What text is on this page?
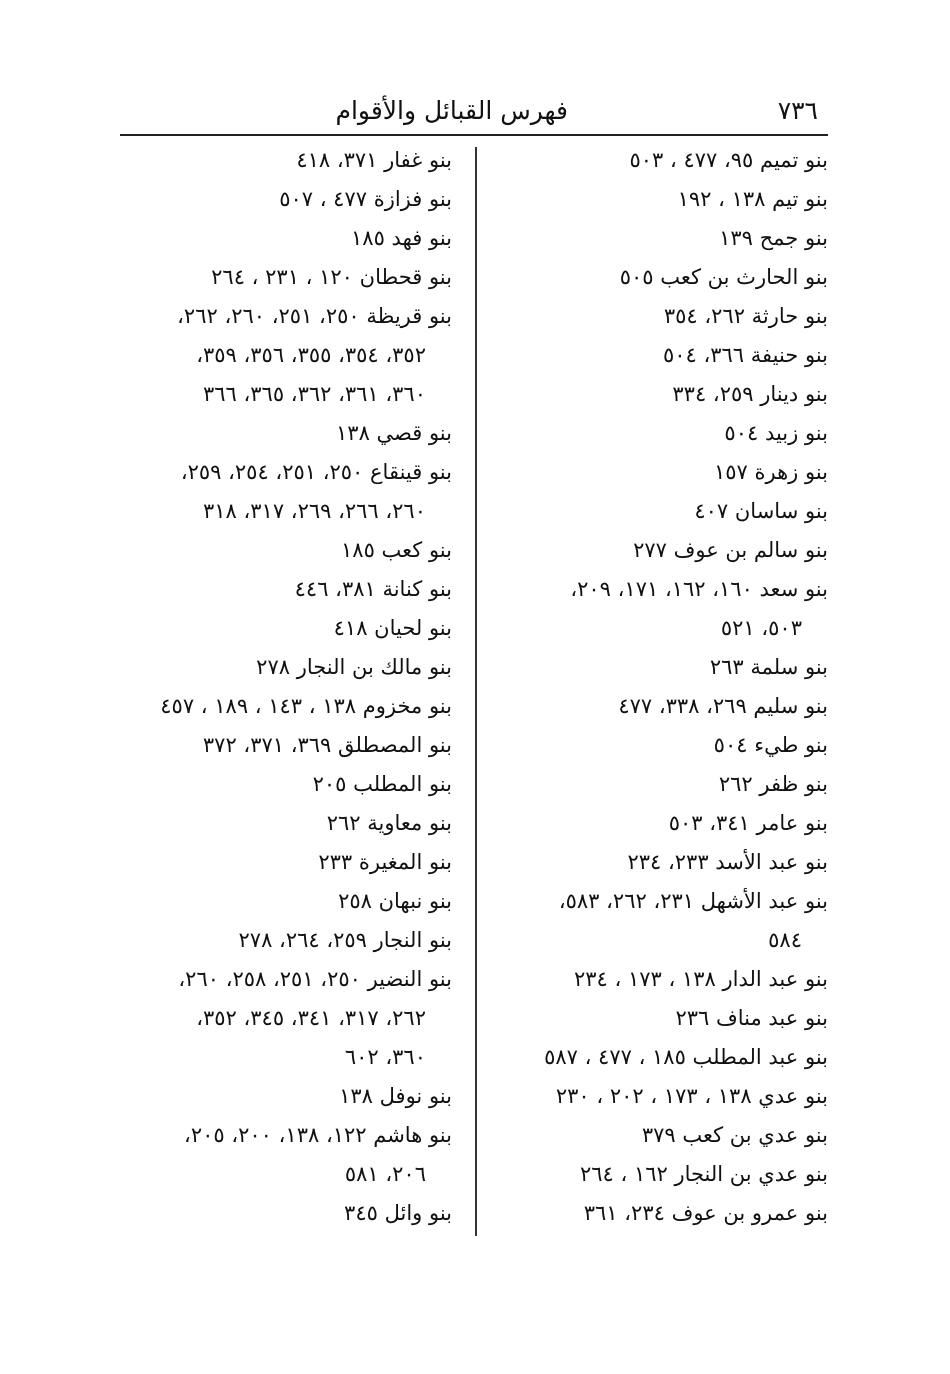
٧٣٦
فهرس القبائل والأقوام
بنو تميم ٩٥، ٤٧٧ ، ٥٠٣
بنو تيم ١٣٨ ، ١٩٢
بنو جمح ١٣٩
بنو الحارث بن كعب ٥٠٥
بنو حارثة ٢٦٢، ٣٥٤
بنو حنيفة ٣٦٦، ٥٠٤
بنو دينار ٢٥٩، ٣٣٤
بنو زبيد ٥٠٤
بنو زهرة ١٥٧
بنو ساسان ٤٠٧
بنو سالم بن عوف ٢٧٧
بنو سعد ١٦٠، ١٦٢، ١٧١، ٢٠٩،
٥٠٣، ٥٢١
بنو سلمة ٢٦٣
بنو سليم ٢٦٩، ٣٣٨، ٤٧٧
بنو طيء ٥٠٤
بنو ظفر ٢٦٢
بنو عامر ٣٤١، ٥٠٣
بنو عبد الأسد ٢٣٣، ٢٣٤
بنو عبد الأشهل ٢٣١، ٢٦٢، ٥٨٣،
٥٨٤
بنو عبد الدار ١٣٨ ، ١٧٣ ، ٢٣٤
بنو عبد مناف ٢٣٦
بنو عبد المطلب ١٨٥ ، ٤٧٧ ، ٥٨٧
بنو عدي ١٣٨ ، ١٧٣ ، ٢٠٢ ، ٢٣٠
بنو عدي بن كعب ٣٧٩
بنو عدي بن النجار ١٦٢ ، ٢٦٤
بنو عمرو بن عوف ٢٣٤، ٣٦١
بنو غفار ٣٧١، ٤١٨
بنو فزازة ٤٧٧ ، ٥٠٧
بنو فهد ١٨٥
بنو قحطان ١٢٠ ، ٢٣١ ، ٢٦٤
بنو قريظة ٢٥٠، ٢٥١، ٢٦٠، ٢٦٢،
٣٥٢، ٣٥٤، ٣٥٥، ٣٥٦، ٣٥٩،
٣٦٠، ٣٦١، ٣٦٢، ٣٦٥، ٣٦٦
بنو قصي ١٣٨
بنو قينقاع ٢٥٠، ٢٥١، ٢٥٤، ٢٥٩،
٢٦٠، ٢٦٦، ٢٦٩، ٣١٧، ٣١٨
بنو كعب ١٨٥
بنو كنانة ٣٨١، ٤٤٦
بنو لحيان ٤١٨
بنو مالك بن النجار ٢٧٨
بنو مخزوم ١٣٨ ، ١٤٣ ، ١٨٩ ، ٤٥٧
بنو المصطلق ٣٦٩، ٣٧١، ٣٧٢
بنو المطلب ٢٠٥
بنو معاوية ٢٦٢
بنو المغيرة ٢٣٣
بنو نبهان ٢٥٨
بنو النجار ٢٥٩، ٢٦٤، ٢٧٨
بنو النضير ٢٥٠، ٢٥١، ٢٥٨، ٢٦٠،
٢٦٢، ٣١٧، ٣٤١، ٣٤٥، ٣٥٢،
٣٦٠، ٦٠٢
بنو نوفل ١٣٨
بنو هاشم ١٢٢، ١٣٨، ٢٠٠، ٢٠٥،
٢٠٦، ٥٨١
بنو وائل ٣٤٥
